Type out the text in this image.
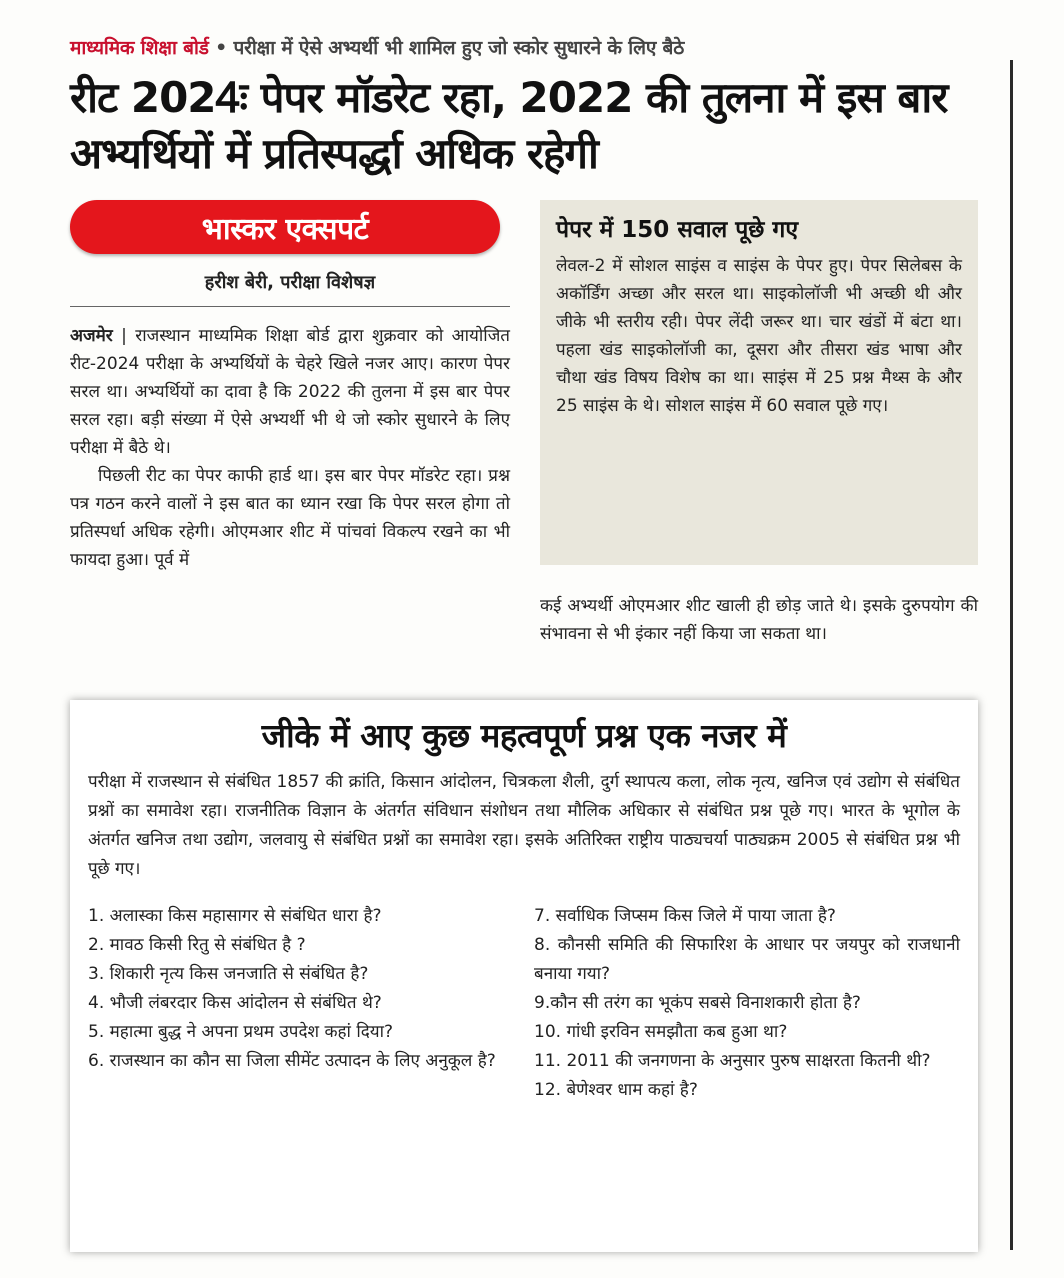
माध्यमिक शिक्षा बोर्ड • परीक्षा में ऐसे अभ्यर्थी भी शामिल हुए जो स्कोर सुधारने के लिए बैठे
रीट 2024ः पेपर मॉडरेट रहा, 2022 की तुलना में इस बार अभ्यर्थियों में प्रतिस्पर्द्धा अधिक रहेगी
भास्कर एक्सपर्ट
हरीश बेरी, परीक्षा विशेषज्ञ

अजमेर | राजस्थान माध्यमिक शिक्षा बोर्ड द्वारा शुक्रवार को आयोजित रीट-2024 परीक्षा के अभ्यर्थियों के चेहरे खिले नजर आए। कारण पेपर सरल था। अभ्यर्थियों का दावा है कि 2022 की तुलना में इस बार पेपर सरल रहा। बड़ी संख्या में ऐसे अभ्यर्थी भी थे जो स्कोर सुधारने के लिए परीक्षा में बैठे थे।

पिछली रीट का पेपर काफी हार्ड था। इस बार पेपर मॉडरेट रहा। प्रश्न पत्र गठन करने वालों ने इस बात का ध्यान रखा कि पेपर सरल होगा तो प्रतिस्पर्धा अधिक रहेगी। ओएमआर शीट में पांचवां विकल्प रखने का भी फायदा हुआ। पूर्व में

पेपर में 150 सवाल पूछे गए

लेवल-2 में सोशल साइंस व साइंस के पेपर हुए। पेपर सिलेबस के अकॉर्डिंग अच्छा और सरल था। साइकोलॉजी भी अच्छी थी और जीके भी स्तरीय रही। पेपर लेंदी जरूर था। चार खंडों में बंटा था। पहला खंड साइकोलॉजी का, दूसरा और तीसरा खंड भाषा और चौथा खंड विषय विशेष का था। साइंस में 25 प्रश्न मैथ्स के और 25 साइंस के थे। सोशल साइंस में 60 सवाल पूछे गए।

कई अभ्यर्थी ओएमआर शीट खाली ही छोड़ जाते थे। इसके दुरुपयोग की संभावना से भी इंकार नहीं किया जा सकता था।
जीके में आए कुछ महत्वपूर्ण प्रश्न एक नजर में

परीक्षा में राजस्थान से संबंधित 1857 की क्रांति, किसान आंदोलन, चित्रकला शैली, दुर्ग स्थापत्य कला, लोक नृत्य, खनिज एवं उद्योग से संबंधित प्रश्नों का समावेश रहा। राजनीतिक विज्ञान के अंतर्गत संविधान संशोधन तथा मौलिक अधिकार से संबंधित प्रश्न पूछे गए। भारत के भूगोल के अंतर्गत खनिज तथा उद्योग, जलवायु से संबंधित प्रश्नों का समावेश रहा। इसके अतिरिक्त राष्ट्रीय पाठ्यचर्या पाठ्यक्रम 2005 से संबंधित प्रश्न भी पूछे गए।

1. अलास्का किस महासागर से संबंधित धारा है?
2. मावठ किसी रितु से संबंधित है ?
3. शिकारी नृत्य किस जनजाति से संबंधित है?
4. भौजी लंबरदार किस आंदोलन से संबंधित थे?
5. महात्मा बुद्ध ने अपना प्रथम उपदेश कहां दिया?
6. राजस्थान का कौन सा जिला सीमेंट उत्पादन के लिए अनुकूल है?
7. सर्वाधिक जिप्सम किस जिले में पाया जाता है?
8. कौनसी समिति की सिफारिश के आधार पर जयपुर को राजधानी बनाया गया?
9.कौन सी तरंग का भूकंप सबसे विनाशकारी होता है?
10. गांधी इरविन समझौता कब हुआ था?
11. 2011 की जनगणना के अनुसार पुरुष साक्षरता कितनी थी?
12. बेणेश्वर धाम कहां है?
